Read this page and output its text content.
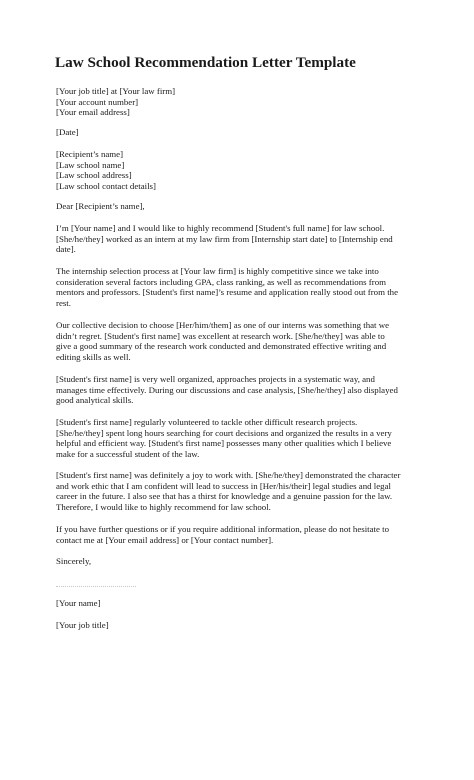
Law School Recommendation Letter Template
[Your job title] at [Your law firm]
[Your account number]
[Your email address]
[Date]
[Recipient’s name]
[Law school name]
[Law school address]
[Law school contact details]
Dear [Recipient’s name],
I’m [Your name] and I would like to highly recommend [Student's full name] for law school.
[She/he/they] worked as an intern at my law firm from [Internship start date] to [Internship end
date].
The internship selection process at [Your law firm] is highly competitive since we take into
consideration several factors including GPA, class ranking, as well as recommendations from
mentors and professors. [Student's first name]’s resume and application really stood out from the
rest.
Our collective decision to choose [Her/him/them] as one of our interns was something that we
didn’t regret. [Student's first name] was excellent at research work. [She/he/they] was able to
give a good summary of the research work conducted and demonstrated effective writing and
editing skills as well.
[Student's first name] is very well organized, approaches projects in a systematic way, and
manages time effectively. During our discussions and case analysis, [She/he/they] also displayed
good analytical skills.
[Student's first name] regularly volunteered to tackle other difficult research projects.
[She/he/they] spent long hours searching for court decisions and organized the results in a very
helpful and efficient way. [Student's first name] possesses many other qualities which I believe
make for a successful student of the law.
[Student's first name] was definitely a joy to work with. [She/he/they] demonstrated the character
and work ethic that I am confident will lead to success in [Her/his/their] legal studies and legal
career in the future. I also see that has a thirst for knowledge and a genuine passion for the law.
Therefore, I would like to highly recommend for law school.
If you have further questions or if you require additional information, please do not hesitate to
contact me at [Your email address] or [Your contact number].
Sincerely,
[Your name]
[Your job title]
